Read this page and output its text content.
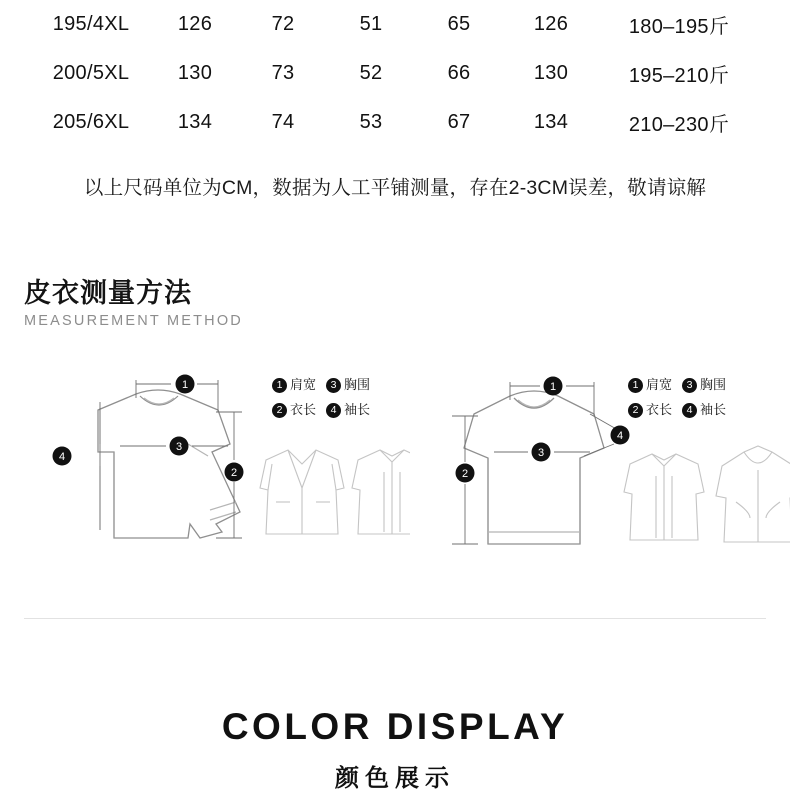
195/4XL	126	72	51	65	126	180–195斤
200/5XL	130	73	52	66	130	195–210斤
205/6XL	134	74	53	67	134	210–230斤
以上尺码单位为CM，数据为人工平铺测量，存在2-3CM误差，敬请谅解
皮衣测量方法
MEASUREMENT METHOD
1
2
3
4
1 肩宽	3 胸围
2 衣长	4 袖长
1
2
3
4
1 肩宽	3 胸围
2 衣长	4 袖长
COLOR DISPLAY
颜色展示
